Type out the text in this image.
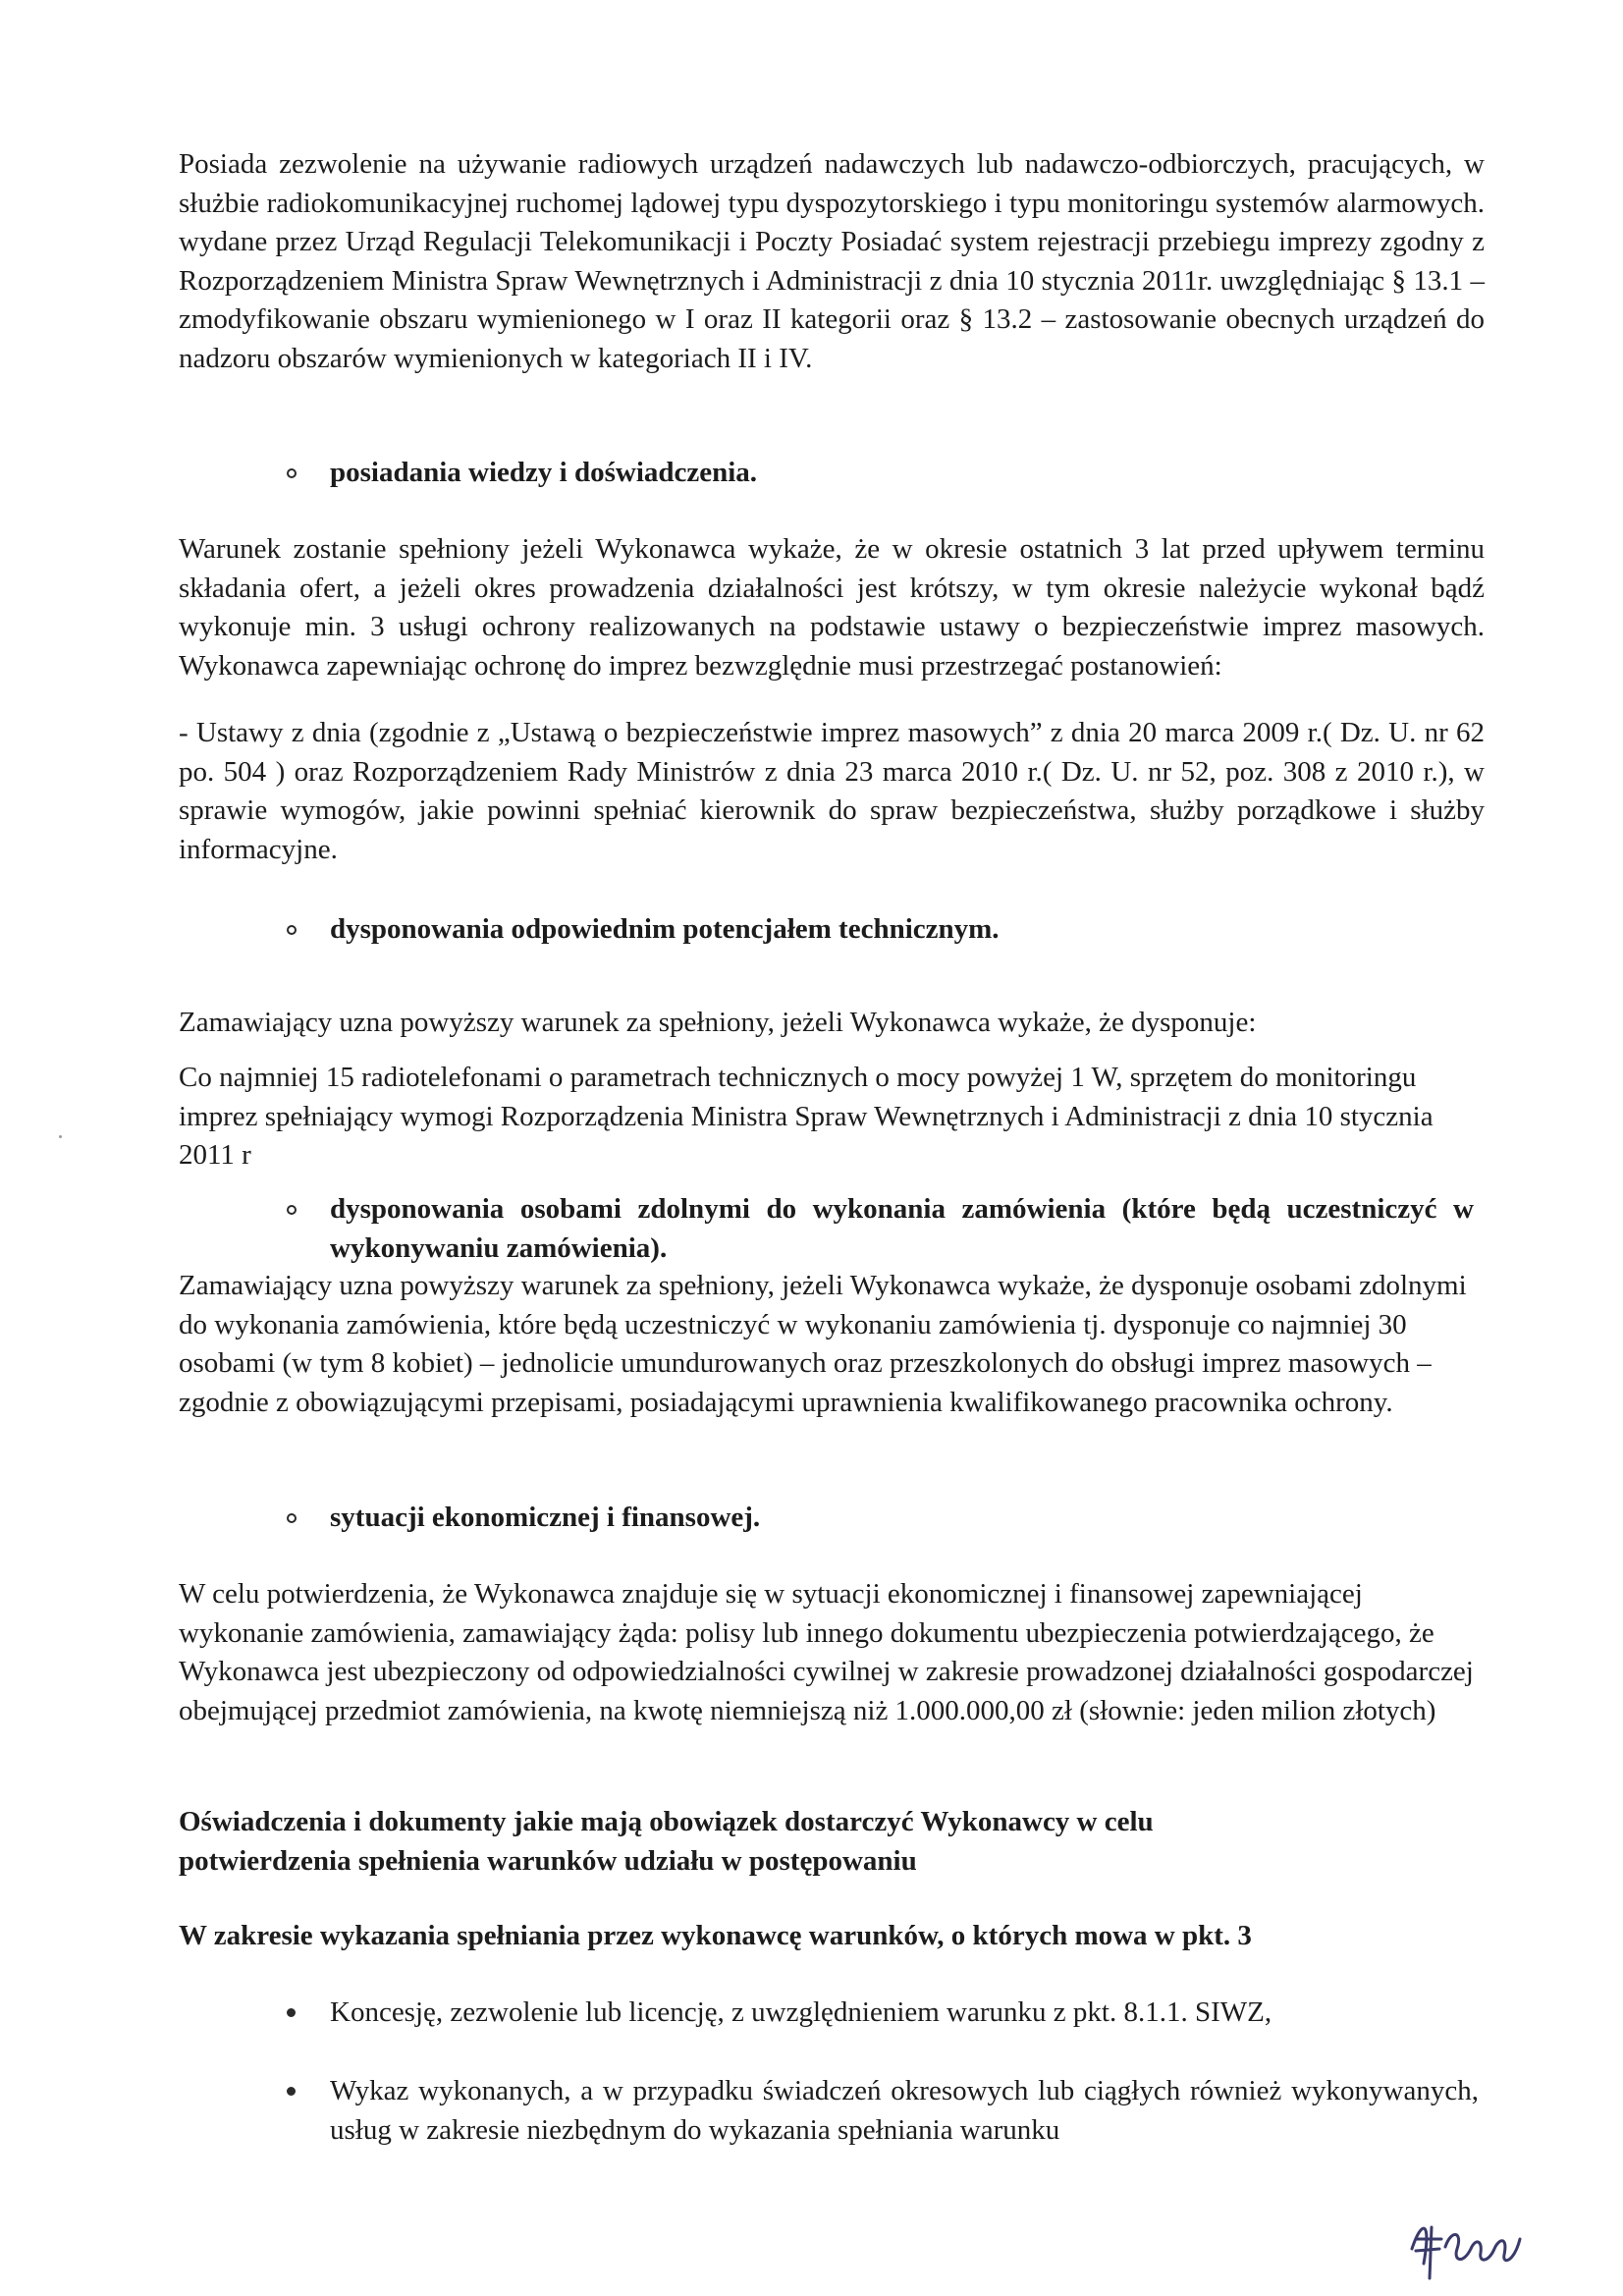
Posiada zezwolenie na używanie radiowych urządzeń nadawczych lub nadawczo-odbiorczych, pracujących, w służbie radiokomunikacyjnej ruchomej lądowej typu dyspozytorskiego i typu monitoringu systemów alarmowych. wydane przez Urząd Regulacji Telekomunikacji i Poczty Posiadać system rejestracji przebiegu imprezy zgodny z Rozporządzeniem Ministra Spraw Wewnętrznych i Administracji z dnia 10 stycznia 2011r. uwzględniając § 13.1 – zmodyfikowanie obszaru wymienionego w I oraz II kategorii oraz § 13.2 – zastosowanie obecnych urządzeń do nadzoru obszarów wymienionych w kategoriach II i IV.

posiadania wiedzy i doświadczenia.

Warunek zostanie spełniony jeżeli Wykonawca wykaże, że w okresie ostatnich 3 lat przed upływem terminu składania ofert, a jeżeli okres prowadzenia działalności jest krótszy, w tym okresie należycie wykonał bądź wykonuje min. 3 usługi ochrony realizowanych na podstawie ustawy o bezpieczeństwie imprez masowych. Wykonawca zapewniając ochronę do imprez bezwzględnie musi przestrzegać postanowień:

- Ustawy z dnia (zgodnie z „Ustawą o bezpieczeństwie imprez masowych” z dnia 20 marca 2009 r.( Dz. U. nr 62 po. 504 ) oraz Rozporządzeniem Rady Ministrów z dnia 23 marca 2010 r.( Dz. U. nr 52, poz. 308 z 2010 r.), w sprawie wymogów, jakie powinni spełniać kierownik do spraw bezpieczeństwa, służby porządkowe i służby informacyjne.

dysponowania odpowiednim potencjałem technicznym.

Zamawiający uzna powyższy warunek za spełniony, jeżeli Wykonawca wykaże, że dysponuje:

Co najmniej 15 radiotelefonami o parametrach technicznych o mocy powyżej 1 W, sprzętem do monitoringu imprez spełniający wymogi Rozporządzenia Ministra Spraw Wewnętrznych i Administracji z dnia 10 stycznia 2011 r

dysponowania osobami zdolnymi do wykonania zamówienia (które będą uczestniczyć w wykonywaniu zamówienia).

Zamawiający uzna powyższy warunek za spełniony, jeżeli Wykonawca wykaże, że dysponuje osobami zdolnymi do wykonania zamówienia, które będą uczestniczyć w wykonaniu zamówienia tj. dysponuje co najmniej 30 osobami (w tym 8 kobiet) – jednolicie umundurowanych oraz przeszkolonych do obsługi imprez masowych – zgodnie z obowiązującymi przepisami, posiadającymi uprawnienia kwalifikowanego pracownika ochrony.

sytuacji ekonomicznej i finansowej.

W celu potwierdzenia, że Wykonawca znajduje się w sytuacji ekonomicznej i finansowej zapewniającej wykonanie zamówienia, zamawiający żąda: polisy lub innego dokumentu ubezpieczenia potwierdzającego, że Wykonawca jest ubezpieczony od odpowiedzialności cywilnej w zakresie prowadzonej działalności gospodarczej obejmującej przedmiot zamówienia, na kwotę niemniejszą niż 1.000.000,00 zł (słownie: jeden milion złotych)

Oświadczenia i dokumenty jakie mają obowiązek dostarczyć Wykonawcy w celu potwierdzenia spełnienia warunków udziału w postępowaniu

W zakresie wykazania spełniania przez wykonawcę warunków, o których mowa w pkt. 3

Koncesję, zezwolenie lub licencję, z uwzględnieniem warunku z pkt. 8.1.1. SIWZ,
Wykaz wykonanych, a w przypadku świadczeń okresowych lub ciągłych również wykonywanych, usług w zakresie niezbędnym do wykazania spełniania warunku
